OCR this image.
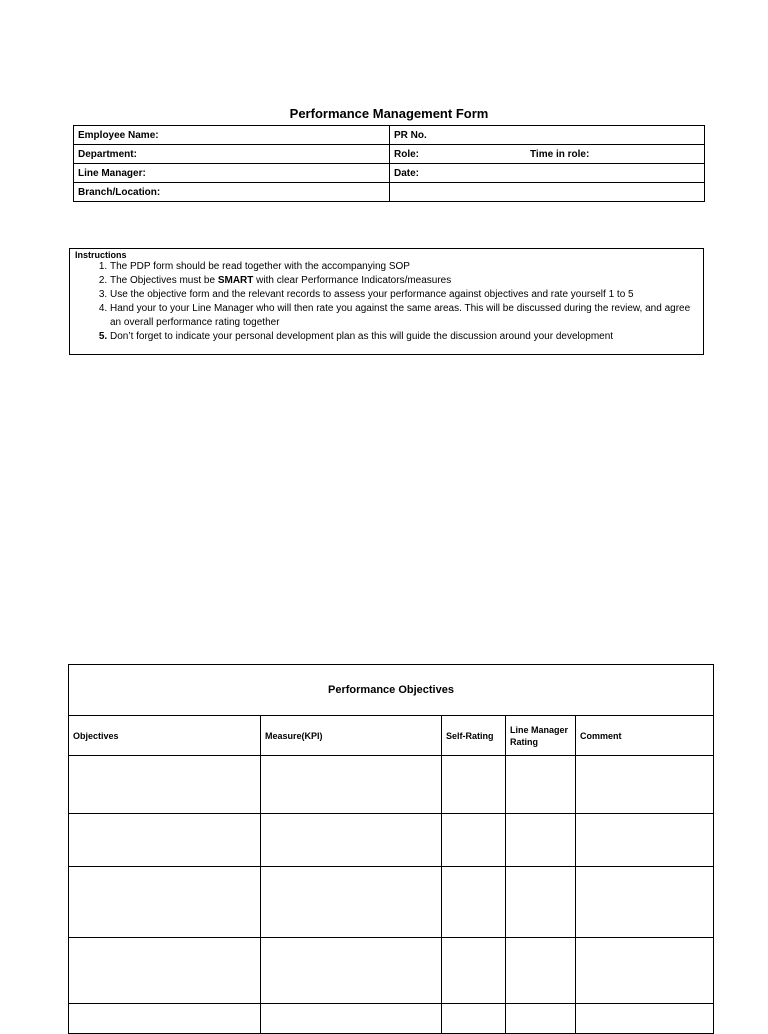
Performance Management Form
Employee Name:	PR No.
Department:	Role: Time in role:

Line Manager:	Date:
Branch/Location:	
Instructions
1. The PDP form should be read together with the accompanying SOP
2. The Objectives must be SMART with clear Performance Indicators/measures
3. Use the objective form and the relevant records to assess your performance against objectives and rate yourself 1 to 5
4. Hand your to your Line Manager who will then rate you against the same areas. This will be discussed during the review, and agree an overall performance rating together
5. Don’t forget to indicate your personal development plan as this will guide the discussion around your development
Performance Objectives				
Objectives	Measure(KPI)	Self-Rating	Line Manager Rating	Comment
